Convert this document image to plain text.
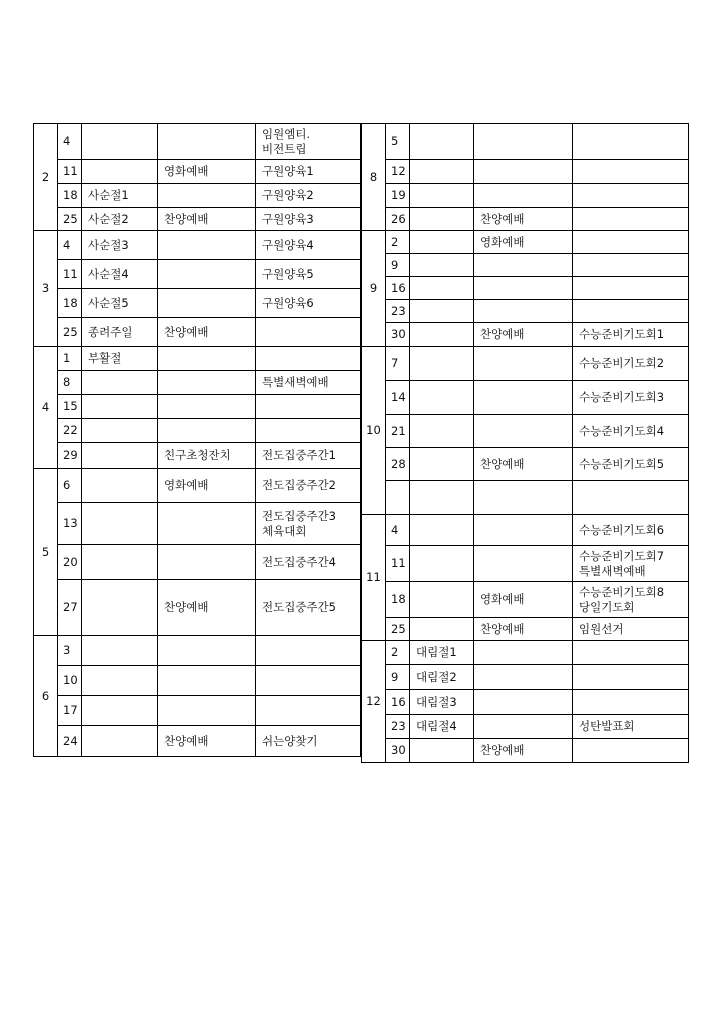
2	4			임원엠티.
비전트립
	11		영화예배	구원양육1
	18	사순절1		구원양육2
	25	사순절2	찬양예배	구원양육3
3	4	사순절3		구원양육4
	11	사순절4		구원양육5
	18	사순절5		구원양육6
	25	종려주일	찬양예배	
4	1	부활절		
	8			특별새벽예배
	15			
	22			
	29		친구초청잔치	전도집중주간1
5	6		영화예배	전도집중주간2
	13			전도집중주간3
체육대회
	20			전도집중주간4
	27		찬양예배	전도집중주간5
6	3			
	10			
	17			
	24		찬양예배	쉬는양찾기
8	5			
	12			
	19			
	26		찬양예배	
9	2		영화예배	
	9			
	16			
	23			
	30		찬양예배	수능준비기도회1
10	7			수능준비기도회2
	14			수능준비기도회3
	21			수능준비기도회4
	28		찬양예배	수능준비기도회5

11	4			수능준비기도회6
	11			수능준비기도회7
특별새벽예배
	18		영화예배	수능준비기도회8
당일기도회
	25		찬양예배	임원선거
12	2	대림절1		
	9	대림절2		
	16	대림절3		
	23	대림절4		성탄발표회
	30		찬양예배	
